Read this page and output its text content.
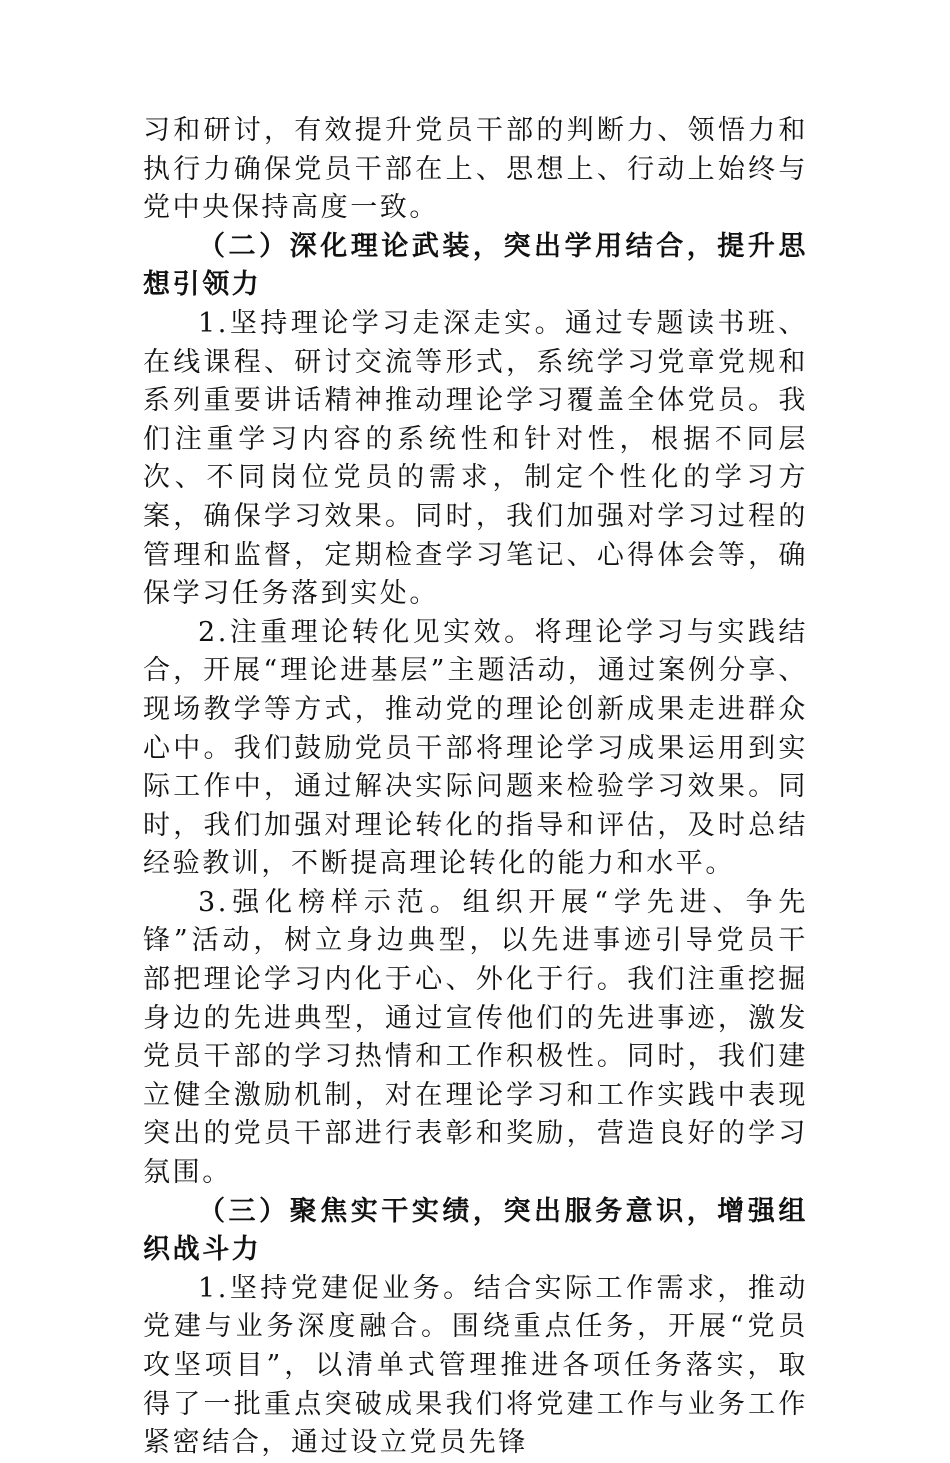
习和研讨，有效提升党员干部的判断力、领悟力和执行力确保党员干部在上、思想上、行动上始终与党中央保持高度一致。

（二）深化理论武装，突出学用结合，提升思想引领力

1.坚持理论学习走深走实。通过专题读书班、在线课程、研讨交流等形式，系统学习党章党规和系列重要讲话精神推动理论学习覆盖全体党员。我们注重学习内容的系统性和针对性，根据不同层次、不同岗位党员的需求，制定个性化的学习方案，确保学习效果。同时，我们加强对学习过程的管理和监督，定期检查学习笔记、心得体会等，确保学习任务落到实处。

2.注重理论转化见实效。将理论学习与实践结合，开展“理论进基层”主题活动，通过案例分享、现场教学等方式，推动党的理论创新成果走进群众心中。我们鼓励党员干部将理论学习成果运用到实际工作中，通过解决实际问题来检验学习效果。同时，我们加强对理论转化的指导和评估，及时总结经验教训，不断提高理论转化的能力和水平。

3.强化榜样示范。组织开展“学先进、争先锋”活动，树立身边典型，以先进事迹引导党员干部把理论学习内化于心、外化于行。我们注重挖掘身边的先进典型，通过宣传他们的先进事迹，激发党员干部的学习热情和工作积极性。同时，我们建立健全激励机制，对在理论学习和工作实践中表现突出的党员干部进行表彰和奖励，营造良好的学习氛围。

（三）聚焦实干实绩，突出服务意识，增强组织战斗力

1.坚持党建促业务。结合实际工作需求，推动党建与业务深度融合。围绕重点任务，开展“党员攻坚项目”，以清单式管理推进各项任务落实，取得了一批重点突破成果我们将党建工作与业务工作紧密结合，通过设立党员先锋
